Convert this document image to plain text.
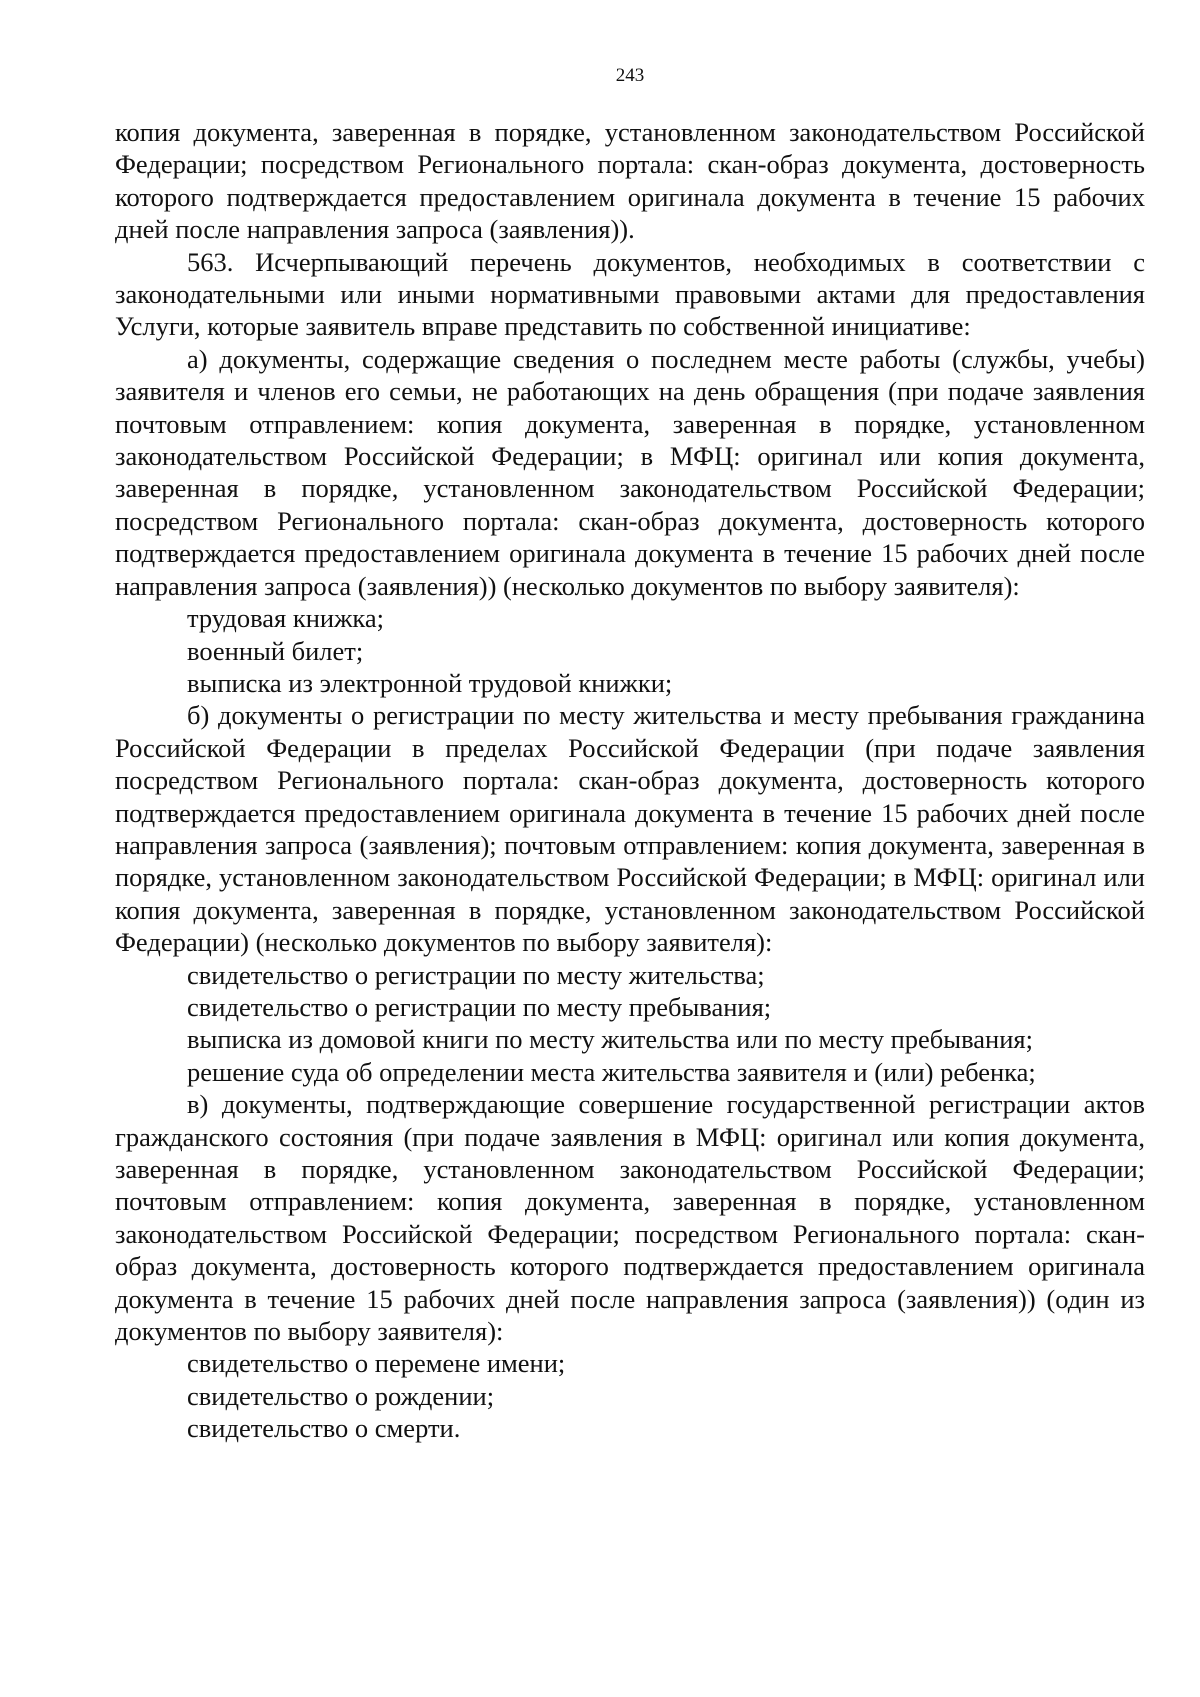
243

копия документа, заверенная в порядке, установленном законодательством Российской Федерации; посредством Регионального портала: скан-образ документа, достоверность которого подтверждается предоставлением оригинала документа в течение 15 рабочих дней после направления запроса (заявления)).

563. Исчерпывающий перечень документов, необходимых в соответствии с законодательными или иными нормативными правовыми актами для предоставления Услуги, которые заявитель вправе представить по собственной инициативе:

а) документы, содержащие сведения о последнем месте работы (службы, учебы) заявителя и членов его семьи, не работающих на день обращения (при подаче заявления почтовым отправлением: копия документа, заверенная в порядке, установленном законодательством Российской Федерации; в МФЦ: оригинал или копия документа, заверенная в порядке, установленном законодательством Российской Федерации; посредством Регионального портала: скан-образ документа, достоверность которого подтверждается предоставлением оригинала документа в течение 15 рабочих дней после направления запроса (заявления)) (несколько документов по выбору заявителя):

трудовая книжка;

военный билет;

выписка из электронной трудовой книжки;

б) документы о регистрации по месту жительства и месту пребывания гражданина Российской Федерации в пределах Российской Федерации (при подаче заявления посредством Регионального портала: скан-образ документа, достоверность которого подтверждается предоставлением оригинала документа в течение 15 рабочих дней после направления запроса (заявления); почтовым отправлением: копия документа, заверенная в порядке, установленном законодательством Российской Федерации; в МФЦ: оригинал или копия документа, заверенная в порядке, установленном законодательством Российской Федерации) (несколько документов по выбору заявителя):

свидетельство о регистрации по месту жительства;

свидетельство о регистрации по месту пребывания;

выписка из домовой книги по месту жительства или по месту пребывания;

решение суда об определении места жительства заявителя и (или) ребенка;

в) документы, подтверждающие совершение государственной регистрации актов гражданского состояния (при подаче заявления в МФЦ: оригинал или копия документа, заверенная в порядке, установленном законодательством Российской Федерации; почтовым отправлением: копия документа, заверенная в порядке, установленном законодательством Российской Федерации; посредством Регионального портала: скан-образ документа, достоверность которого подтверждается предоставлением оригинала документа в течение 15 рабочих дней после направления запроса (заявления)) (один из документов по выбору заявителя):

свидетельство о перемене имени;

свидетельство о рождении;

свидетельство о смерти.
